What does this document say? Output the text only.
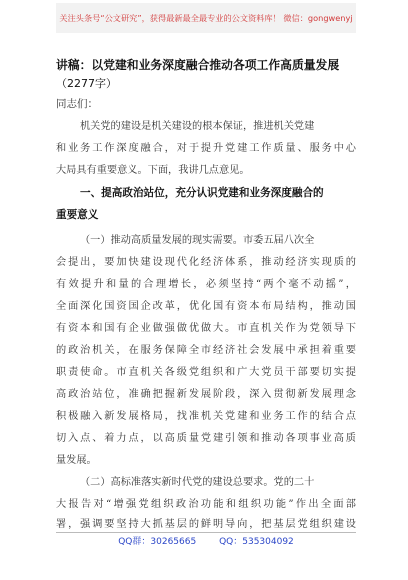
关注头条号“公文研究”，获得最新最全最专业的公文资料库！ 微信：gongwenyj
讲稿：以党建和业务深度融合推动各项工作高质量发展
（2277字）
同志们：
机关党的建设是机关建设的根本保证，推进机关党建
和业务工作深度融合，对于提升党建工作质量、服务中心
大局具有重要意义。下面，我讲几点意见。
一、提高政治站位，充分认识党建和业务深度融合的
重要意义
（一）推动高质量发展的现实需要。市委五届八次全
会提出，要加快建设现代化经济体系，推动经济实现质的
有效提升和量的合理增长，必须坚持“两个毫不动摇”，
全面深化国资国企改革，优化国有资本布局结构，推动国
有资本和国有企业做强做优做大。市直机关作为党领导下
的政治机关，在服务保障全市经济社会发展中承担着重要
职责使命。市直机关各级党组织和广大党员干部要切实提
高政治站位，准确把握新发展阶段，深入贯彻新发展理念
积极融入新发展格局，找准机关党建和业务工作的结合点
切入点、着力点，以高质量党建引领和推动各项事业高质
量发展。
（二）高标准落实新时代党的建设总要求。党的二十
大报告对“增强党组织政治功能和组织功能”作出全面部
署，强调要坚持大抓基层的鲜明导向，把基层党组织建设
QQ群：30265665	QQ：535304092
